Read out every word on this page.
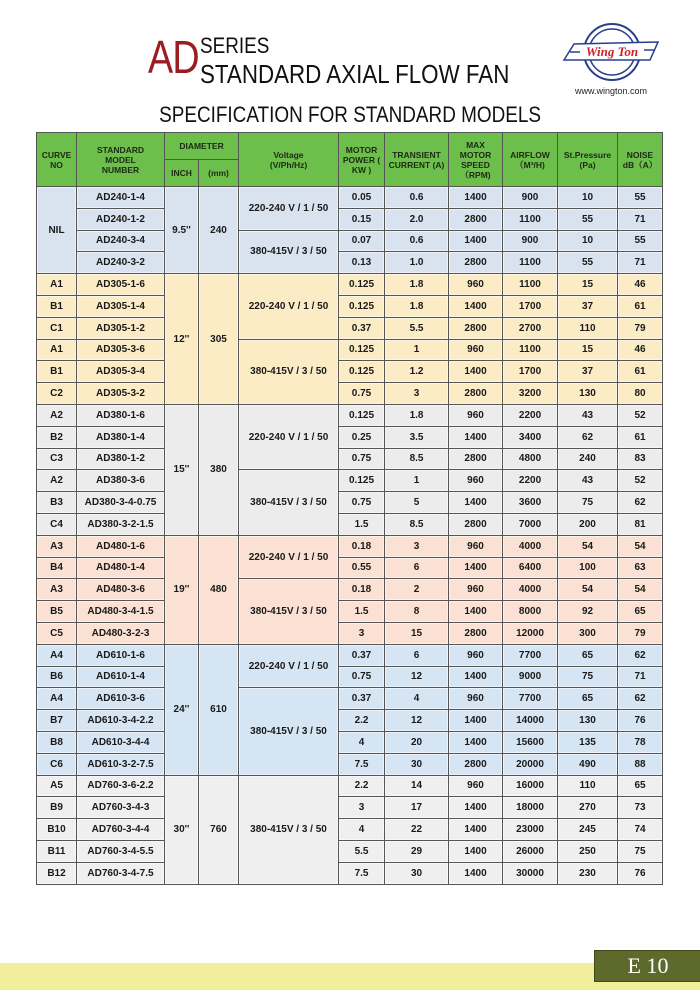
AD SERIES
STANDARD AXIAL FLOW FAN
Wing Ton
www.wington.com
SPECIFICATION FOR STANDARD MODELS
CURVE NO	STANDARD MODEL NUMBER	DIAMETER		Voltage (V/Ph/Hz)	MOTOR POWER ( KW )	TRANSIENT CURRENT (A)	MAX MOTOR SPEED （RPM)	AIRFLOW （M³/H)	St.Pressure (Pa)	NOISE dB（A）
		INCH	(mm)							
NIL	AD240-1-4	9.5''	240	220-240 V / 1 / 50	0.05	0.6	1400	900	10	55
	AD240-1-2				0.15	2.0	2800	1100	55	71
	AD240-3-4			380-415V / 3 / 50	0.07	0.6	1400	900	10	55
	AD240-3-2				0.13	1.0	2800	1100	55	71
A1	AD305-1-6	12''	305	220-240 V / 1 / 50	0.125	1.8	960	1100	15	46
B1	AD305-1-4				0.125	1.8	1400	1700	37	61
C1	AD305-1-2				0.37	5.5	2800	2700	110	79
A1	AD305-3-6			380-415V / 3 / 50	0.125	1	960	1100	15	46
B1	AD305-3-4				0.125	1.2	1400	1700	37	61
C2	AD305-3-2				0.75	3	2800	3200	130	80
A2	AD380-1-6	15''	380	220-240 V / 1 / 50	0.125	1.8	960	2200	43	52
B2	AD380-1-4				0.25	3.5	1400	3400	62	61
C3	AD380-1-2				0.75	8.5	2800	4800	240	83
A2	AD380-3-6			380-415V / 3 / 50	0.125	1	960	2200	43	52
B3	AD380-3-4-0.75				0.75	5	1400	3600	75	62
C4	AD380-3-2-1.5				1.5	8.5	2800	7000	200	81
A3	AD480-1-6	19''	480	220-240 V / 1 / 50	0.18	3	960	4000	54	54
B4	AD480-1-4				0.55	6	1400	6400	100	63
A3	AD480-3-6			380-415V / 3 / 50	0.18	2	960	4000	54	54
B5	AD480-3-4-1.5				1.5	8	1400	8000	92	65
C5	AD480-3-2-3				3	15	2800	12000	300	79
A4	AD610-1-6	24''	610	220-240 V / 1 / 50	0.37	6	960	7700	65	62
B6	AD610-1-4				0.75	12	1400	9000	75	71
A4	AD610-3-6			380-415V / 3 / 50	0.37	4	960	7700	65	62
B7	AD610-3-4-2.2				2.2	12	1400	14000	130	76
B8	AD610-3-4-4				4	20	1400	15600	135	78
C6	AD610-3-2-7.5				7.5	30	2800	20000	490	88
A5	AD760-3-6-2.2	30''	760	380-415V / 3 / 50	2.2	14	960	16000	110	65
B9	AD760-3-4-3				3	17	1400	18000	270	73
B10	AD760-3-4-4				4	22	1400	23000	245	74
B11	AD760-3-4-5.5				5.5	29	1400	26000	250	75
B12	AD760-3-4-7.5				7.5	30	1400	30000	230	76
E 10
